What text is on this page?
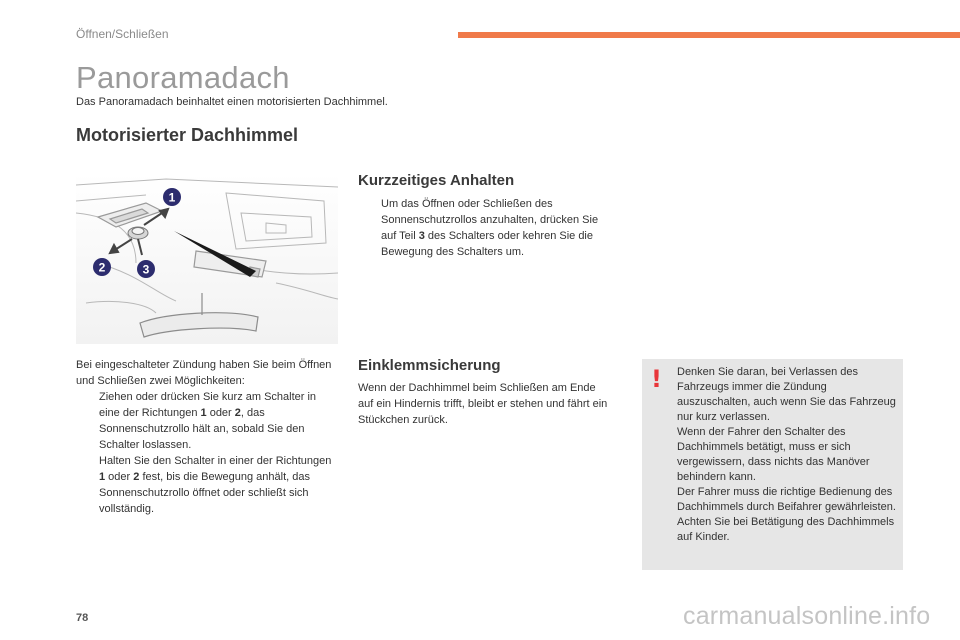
Öffnen/Schließen
Panoramadach
Das Panoramadach beinhaltet einen motorisierten Dachhimmel.
Motorisierter Dachhimmel
1
2	3
Bei eingeschalteter Zündung haben Sie beim Öffnen und Schließen zwei Möglichkeiten:
Ziehen oder drücken Sie kurz am Schalter in eine der Richtungen 1 oder 2, das Sonnenschutzrollo hält an, sobald Sie den Schalter loslassen.
Halten Sie den Schalter in einer der Richtungen 1 oder 2 fest, bis die Bewegung anhält, das Sonnenschutzrollo öffnet oder schließt sich vollständig.
Kurzzeitiges Anhalten
Um das Öffnen oder Schließen des Sonnenschutzrollos anzuhalten, drücken Sie auf Teil 3 des Schalters oder kehren Sie die Bewegung des Schalters um.
Einklemmsicherung
Wenn der Dachhimmel beim Schließen am Ende auf ein Hindernis trifft, bleibt er stehen und fährt ein Stückchen zurück.
! Denken Sie daran, bei Verlassen des Fahrzeugs immer die Zündung auszuschalten, auch wenn Sie das Fahrzeug nur kurz verlassen.
Wenn der Fahrer den Schalter des Dachhimmels betätigt, muss er sich vergewissern, dass nichts das Manöver behindern kann.
Der Fahrer muss die richtige Bedienung des Dachhimmels durch Beifahrer gewährleisten.
Achten Sie bei Betätigung des Dachhimmels auf Kinder.
78	carmanualsonline.info
